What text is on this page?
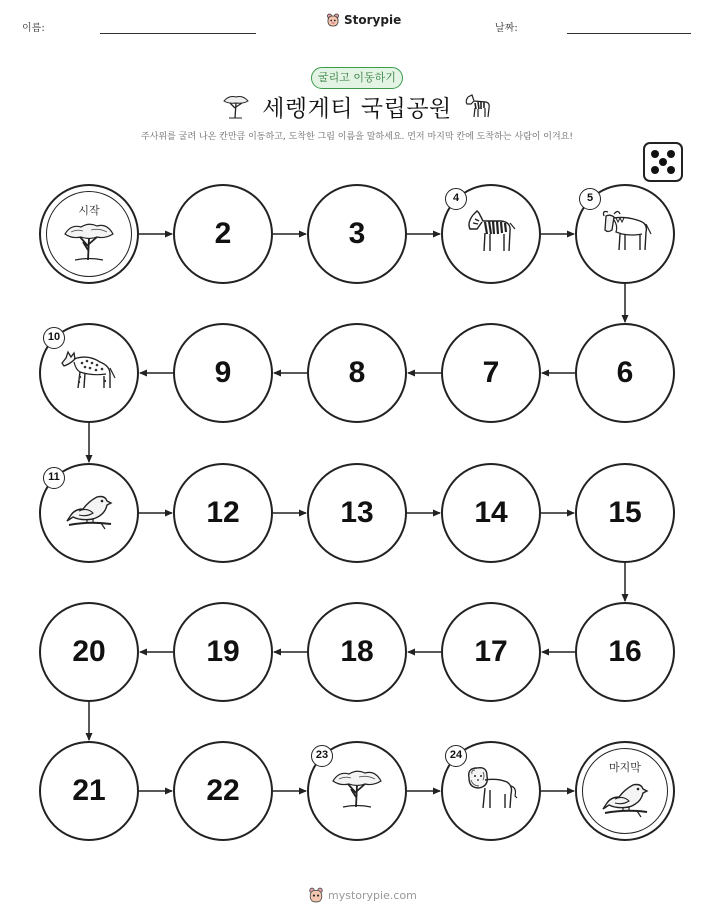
이름:
Storypie
날짜:
굴리고 이동하기
세렝게티 국립공원
주사위를 굴려 나온 칸만큼 이동하고, 도착한 그림 이름을 말하세요. 먼저 마지막 칸에 도착하는 사람이 이겨요!
시작
2	3
4	5
10
9	8	7	6
11
12	13	14	15
20	19	18	17	16
21	22
23	24
마지막
mystorypie.com
